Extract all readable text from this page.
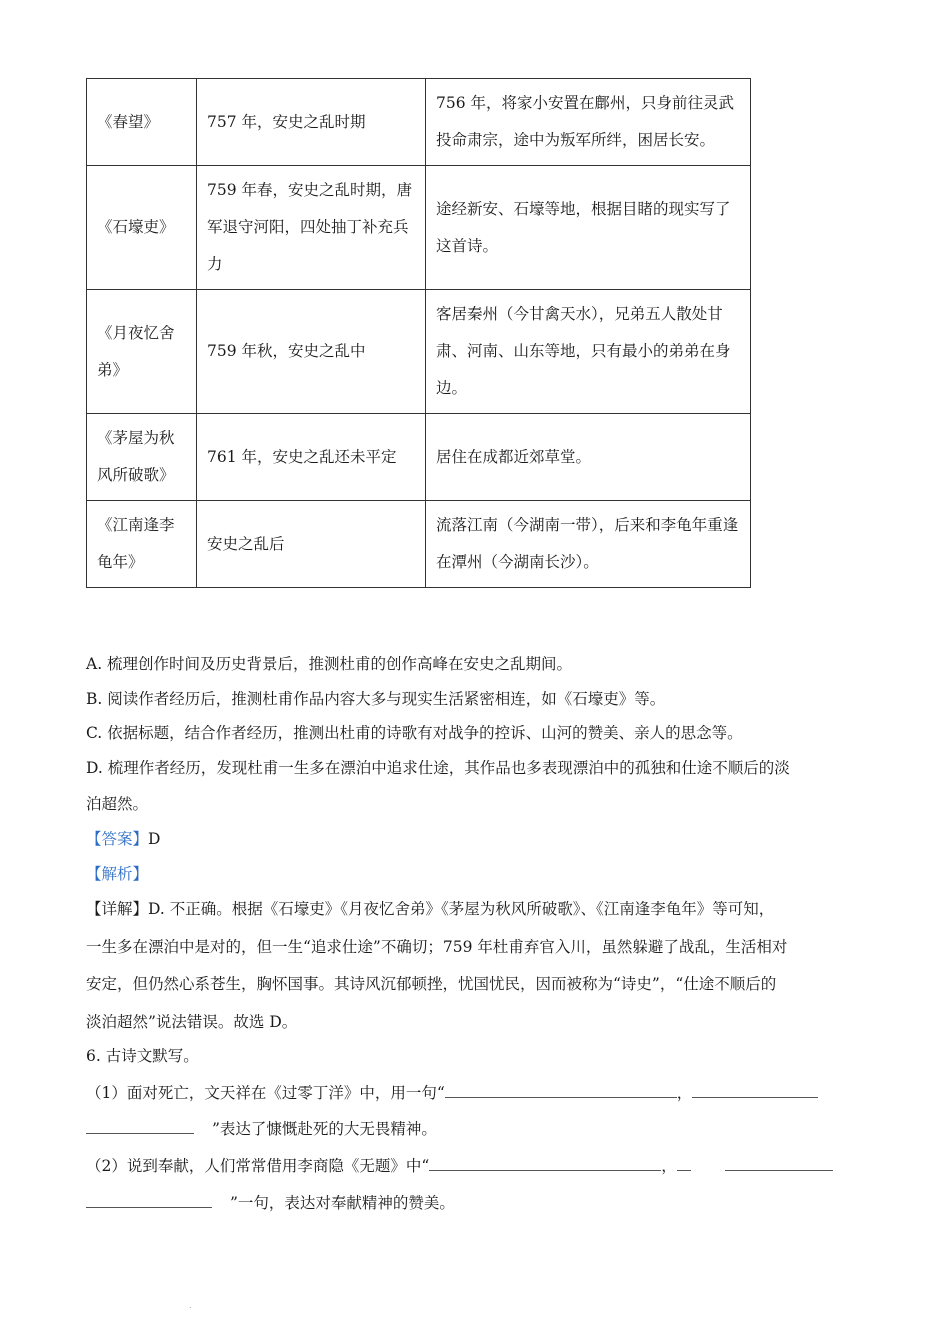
《春望》	757 年，安史之乱时期	756 年，将家小安置在鄜州，只身前往灵武投命肃宗，途中为叛军所绊，困居长安。
《石壕吏》	759 年春，安史之乱时期，唐军退守河阳，四处抽丁补充兵力	途经新安、石壕等地，根据目睹的现实写了这首诗。
《月夜忆舍弟》	759 年秋，安史之乱中	客居秦州（今甘禽天水），兄弟五人散处甘肃、河南、山东等地，只有最小的弟弟在身边。
《茅屋为秋风所破歌》	761 年，安史之乱还未平定	居住在成都近郊草堂。
《江南逢李龟年》	安史之乱后	流落江南（今湖南一带），后来和李龟年重逢在潭州（今湖南长沙）。
A. 梳理创作时间及历史背景后，推测杜甫的创作高峰在安史之乱期间。
B. 阅读作者经历后，推测杜甫作品内容大多与现实生活紧密相连，如《石壕吏》等。
C. 依据标题，结合作者经历，推测出杜甫的诗歌有对战争的控诉、山河的赞美、亲人的思念等。
D. 梳理作者经历，发现杜甫一生多在漂泊中追求仕途，其作品也多表现漂泊中的孤独和仕途不顺后的淡
泊超然。
【答案】D
【解析】
【详解】D. 不正确。根据《石壕吏》《月夜忆舍弟》《茅屋为秋风所破歌》、《江南逢李龟年》等可知，
一生多在漂泊中是对的，但一生“追求仕途”不确切；759 年杜甫弃官入川，虽然躲避了战乱，生活相对
安定，但仍然心系苍生，胸怀国事。其诗风沉郁顿挫，忧国忧民，因而被称为“诗史”，“仕途不顺后的
淡泊超然”说法错误。故选 D。
6. 古诗文默写。
（1）面对死亡，文天祥在《过零丁洋》中，用一句“	，
”表达了慷慨赴死的大无畏精神。
（2）说到奉献，人们常常借用李商隐《无题》中“	，
”一句，表达对奉献精神的赞美。
.
